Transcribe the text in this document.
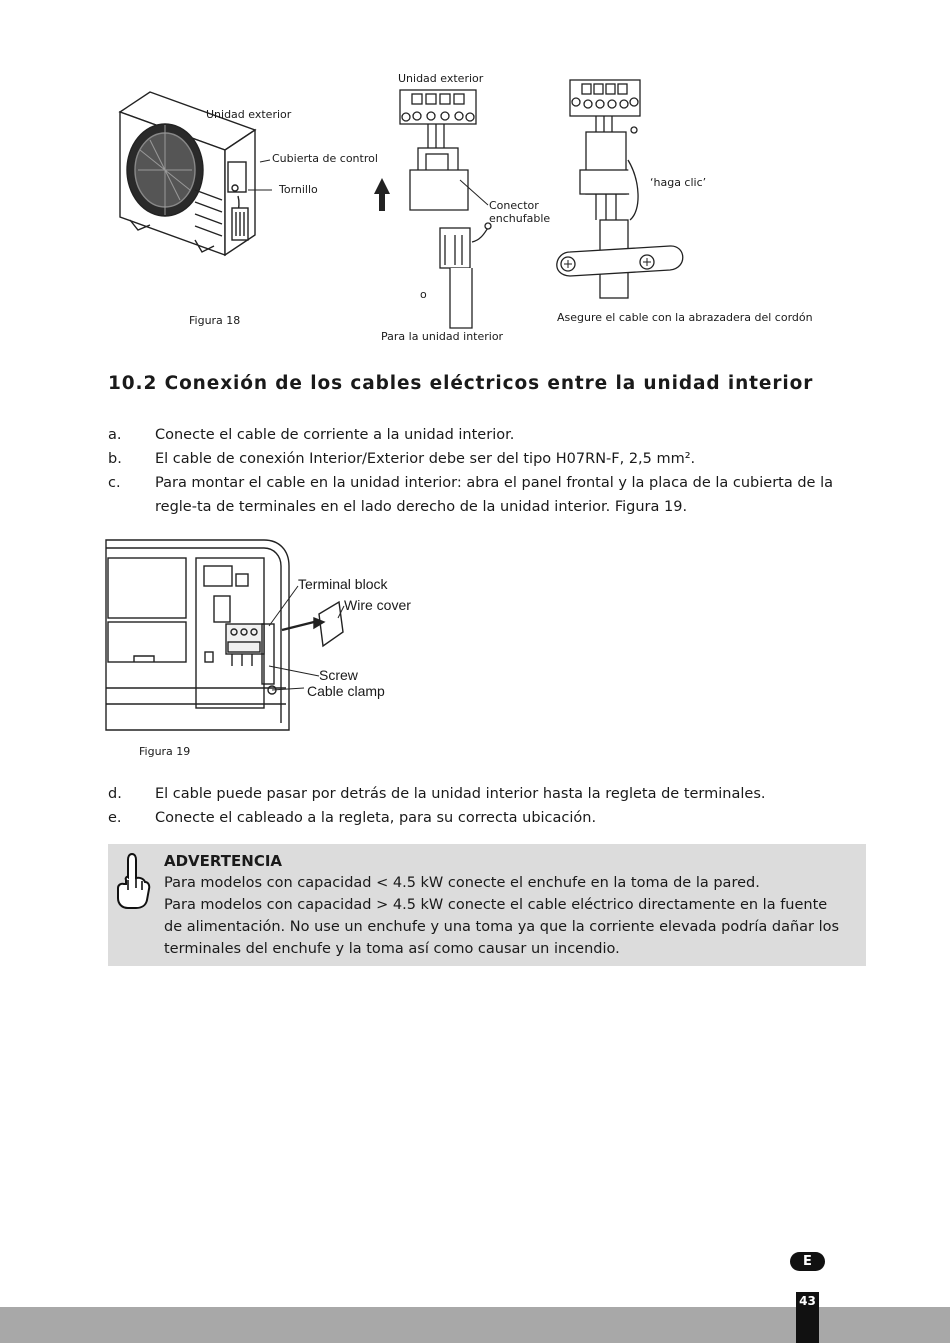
Unidad exterior
Cubierta de control
Tornillo
Unidad exterior
Conector
enchufable
o
‘haga clic’
Figura 18
Para la unidad interior
Asegure el cable con la abrazadera del cordón
10.2 Conexión de los cables eléctricos entre la unidad interior
a. Conecte el cable de corriente a la unidad interior.
b. El cable de conexión Interior/Exterior debe ser del tipo H07RN-F, 2,5 mm².
c. Para montar el cable en la unidad interior: abra el panel frontal y la placa de la cubierta de la regle-ta de terminales en el lado derecho de la unidad interior. Figura 19.
Terminal block
Wire cover
Screw
Cable clamp
Figura 19
d. El cable puede pasar por detrás de la unidad interior hasta la regleta de terminales.
e. Conecte el cableado a la regleta, para su correcta ubicación.
ADVERTENCIA
Para modelos con capacidad < 4.5 kW conecte el enchufe en la toma de la pared.
Para modelos con capacidad > 4.5 kW conecte el cable eléctrico directamente en la fuente
de alimentación. No use un enchufe y una toma ya que la corriente elevada podría dañar los
terminales del enchufe y la toma así como causar un incendio.
E
43
